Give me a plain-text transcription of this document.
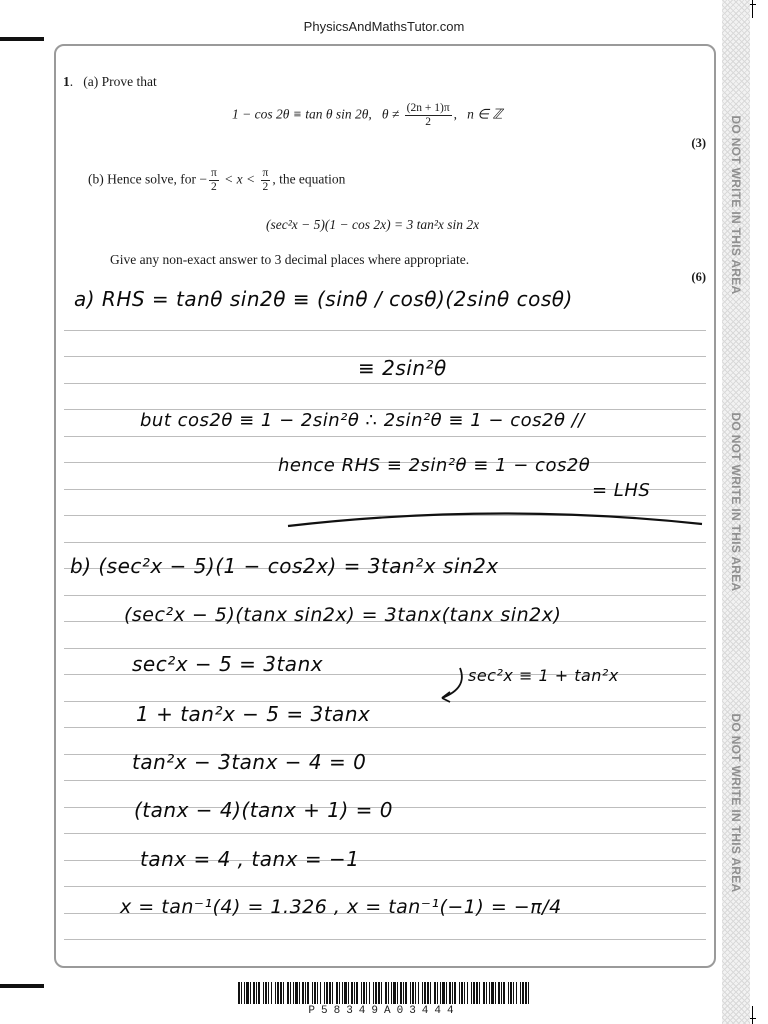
PhysicsAndMathsTutor.com
DO NOT WRITE IN THIS AREA
DO NOT WRITE IN THIS AREA
DO NOT WRITE IN THIS AREA
1.   (a) Prove that
1 − cos 2θ ≡ tan θ sin 2θ, $\theta \ne \frac{(2n + 1)\pi}{2}$ ,   n ∈ ℤ
(3)
(b) Hence solve, for − $\frac{\pi}{2} < x < \frac{\pi}{2}$ , the equation
(sec²x − 5)(1 − cos 2x) = 3 tan²x sin 2x
Give any non-exact answer to 3 decimal places where appropriate.
(6)
a) RHS = tanθ sin2θ ≡ (sinθ / cosθ)(2sinθ cosθ)
≡ 2sin²θ
but cos2θ ≡ 1 − 2sin²θ ∴ 2sin²θ ≡ 1 − cos2θ //
hence RHS ≡ 2sin²θ ≡ 1 − cos2θ
= LHS
b) (sec²x − 5)(1 − cos2x) = 3tan²x sin2x
(sec²x − 5)(tanx sin2x) = 3tanx(tanx sin2x)
sec²x − 5 = 3tanx	sec²x ≡ 1 + tan²x
1 + tan²x − 5 = 3tanx
tan²x − 3tanx − 4 = 0
(tanx − 4)(tanx + 1) = 0
tanx = 4 , tanx = −1
x = tan⁻¹(4) = 1.326 , x = tan⁻¹(−1) = −π/4
P58349A03444
